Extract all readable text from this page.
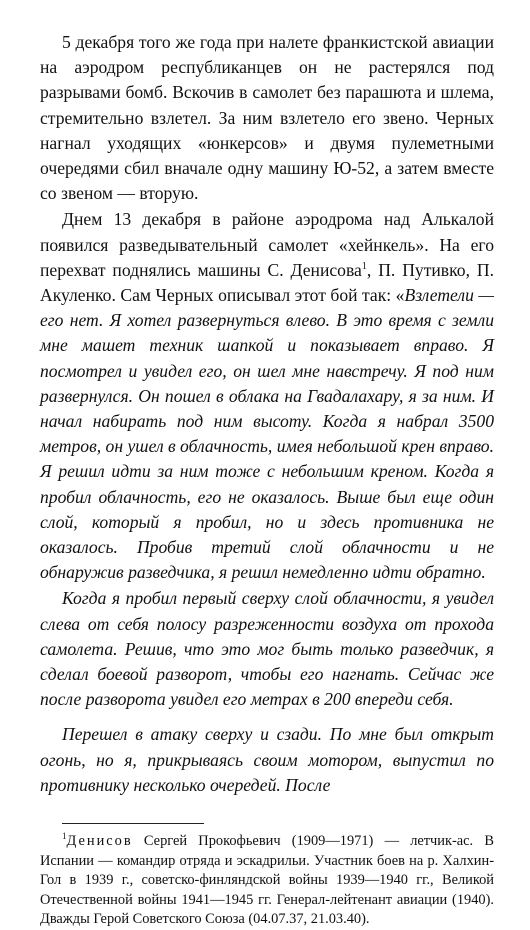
5 декабря того же года при налете франкистской авиации на аэродром республиканцев он не растерялся под разрывами бомб. Вскочив в самолет без парашюта и шлема, стремительно взлетел. За ним взлетело его звено. Черных нагнал уходящих «юнкерсов» и двумя пулеметными очередями сбил вначале одну машину Ю-52, а затем вместе со звеном — вторую.

Днем 13 декабря в районе аэродрома над Алькалой появился разведывательный самолет «хейнкель». На его перехват поднялись машины С. Денисова$^1$, П. Путивко, П. Акуленко. Сам Черных описывал этот бой так: «Взлетели — его нет. Я хотел развернуться влево. В это время с земли мне машет техник шапкой и показывает вправо. Я посмотрел и увидел его, он шел мне навстречу. Я под ним развернулся. Он пошел в облака на Гвадалахару, я за ним. И начал набирать под ним высоту. Когда я набрал 3500 метров, он ушел в облачность, имея небольшой крен вправо. Я решил идти за ним тоже с небольшим креном. Когда я пробил облачность, его не оказалось. Выше был еще один слой, который я пробил, но и здесь противника не оказалось. Пробив третий слой облачности и не обнаружив разведчика, я решил немедленно идти обратно.

Когда я пробил первый сверху слой облачности, я увидел слева от себя полосу разреженности воздуха от прохода самолета. Решив, что это мог быть только разведчик, я сделал боевой разворот, чтобы его нагнать. Сейчас же после разворота увидел его метрах в 200 впереди себя.

Перешел в атаку сверху и сзади. По мне был открыт огонь, но я, прикрываясь своим мотором, выпустил по противнику несколько очередей. После

$^1$Денисов Сергей Прокофьевич (1909—1971) — летчик-ас. В Испании — командир отряда и эскадрильи. Участник боев на р. Халхин-Гол в 1939 г., советско-финляндской войны 1939—1940 гг., Великой Отечественной войны 1941—1945 гг. Генерал-лейтенант авиации (1940). Дважды Герой Советского Союза (04.07.37, 21.03.40).
